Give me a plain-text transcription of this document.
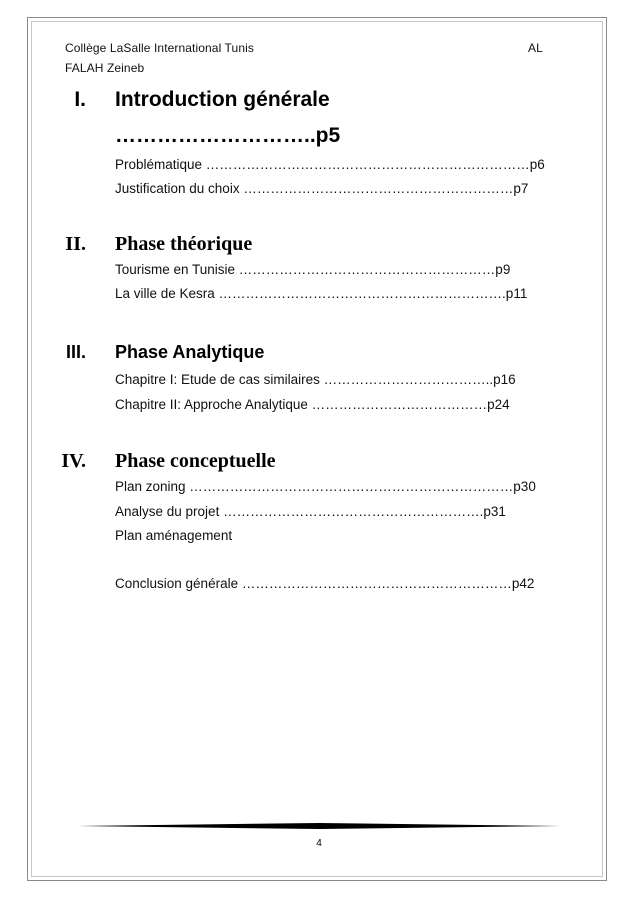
Collège LaSalle International Tunis	AL
FALAH Zeineb
I. Introduction générale
………………………..p5
Problématique ………………………………………………………………p6
Justification du choix ……………………………………………………p7
II. Phase théorique
Tourisme en Tunisie …………………………………………………p9
La ville de Kesra ……………………………………………………….p11
III. Phase Analytique
Chapitre I: Etude de cas similaires ………………………………..p16
Chapitre II: Approche Analytique …………………………………p24
IV. Phase conceptuelle
Plan zoning ………………………………………………………………p30
Analyse du projet ………………………………………………….p31
Plan aménagement
Conclusion générale ……………………………………………………p42
4
